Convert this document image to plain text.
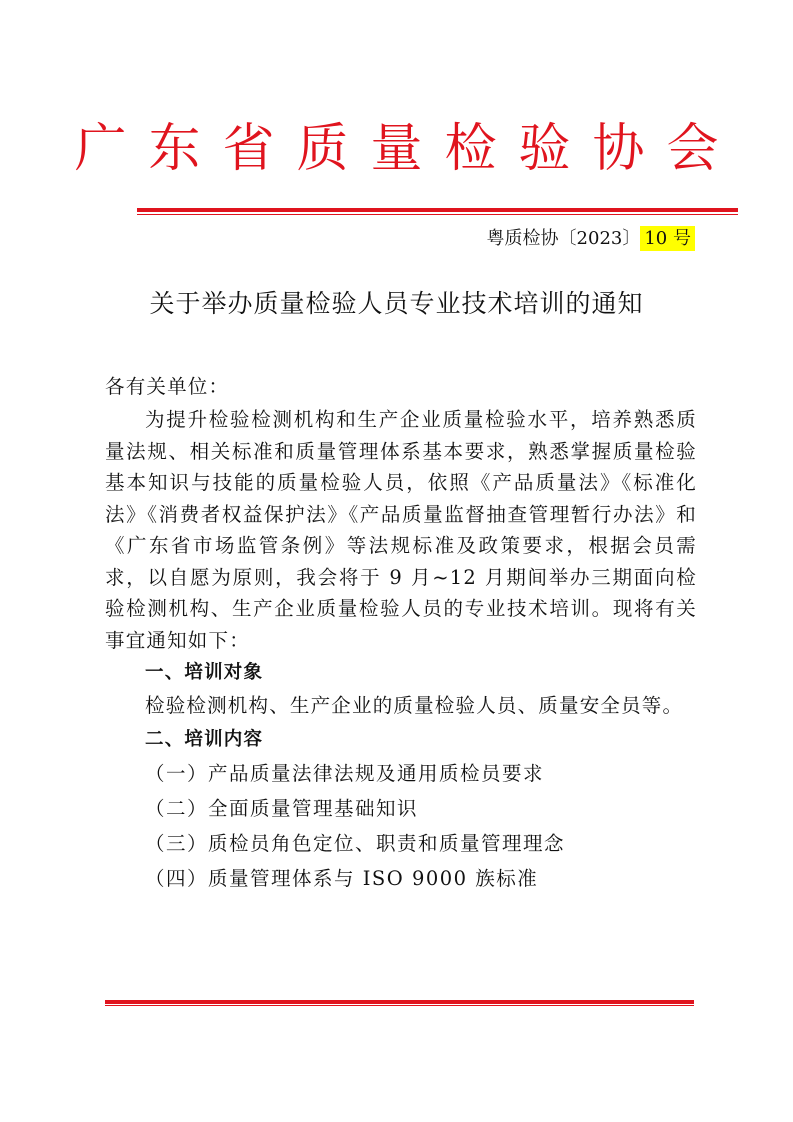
广东省质量检验协会
粤质检协〔2023〕 10 号
关于举办质量检验人员专业技术培训的通知

各有关单位：

为提升检验检测机构和生产企业质量检验水平，培养熟悉质量法规、相关标准和质量管理体系基本要求，熟悉掌握质量检验基本知识与技能的质量检验人员，依照《产品质量法》《标准化法》《消费者权益保护法》《产品质量监督抽查管理暂行办法》和《广东省市场监管条例》等法规标准及政策要求，根据会员需求，以自愿为原则，我会将于 9 月~12 月期间举办三期面向检验检测机构、生产企业质量检验人员的专业技术培训。现将有关事宜通知如下：

一、培训对象

检验检测机构、生产企业的质量检验人员、质量安全员等。

二、培训内容

（一）产品质量法律法规及通用质检员要求

（二）全面质量管理基础知识

（三）质检员角色定位、职责和质量管理理念

（四）质量管理体系与 ISO 9000 族标准
